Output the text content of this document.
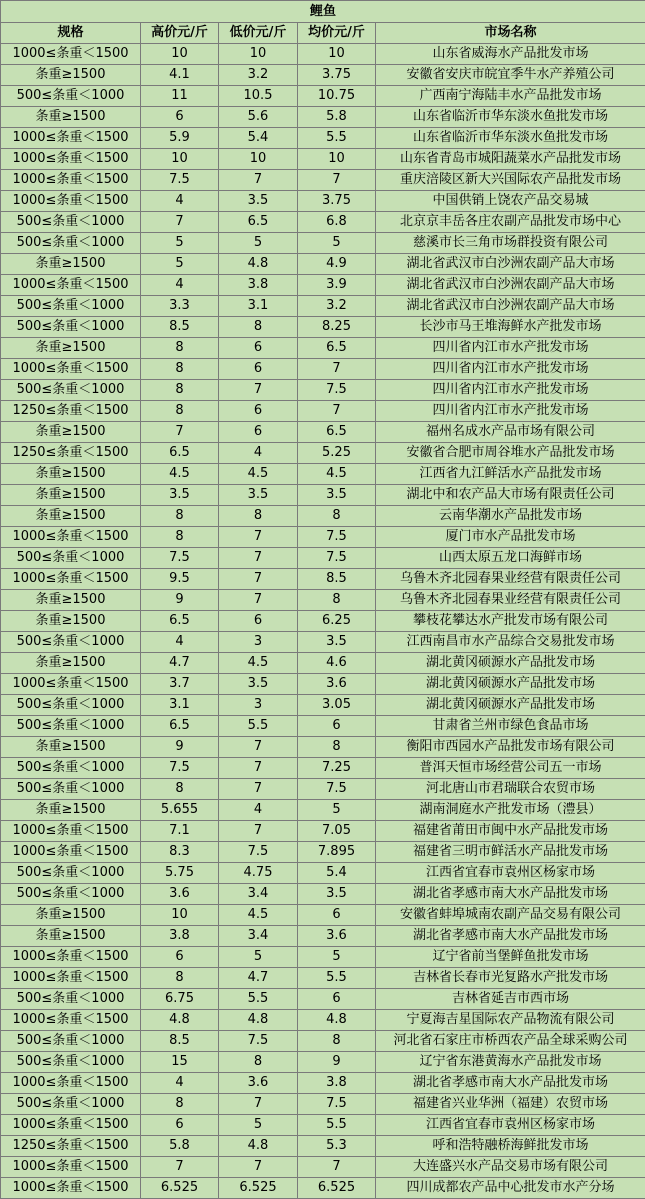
鲤鱼				
规格	高价元/斤	低价元/斤	均价元/斤	市场名称
1000≤条重＜1500	10	10	10	山东省威海水产品批发市场
条重≥1500	4.1	3.2	3.75	安徽省安庆市皖宜季牛水产养殖公司
500≤条重＜1000	11	10.5	10.75	广西南宁海陆丰水产品批发市场
条重≥1500	6	5.6	5.8	山东省临沂市华东淡水鱼批发市场
1000≤条重＜1500	5.9	5.4	5.5	山东省临沂市华东淡水鱼批发市场
1000≤条重＜1500	10	10	10	山东省青岛市城阳蔬菜水产品批发市场
1000≤条重＜1500	7.5	7	7	重庆涪陵区新大兴国际农产品批发市场
1000≤条重＜1500	4	3.5	3.75	中国供销上饶农产品交易城
500≤条重＜1000	7	6.5	6.8	北京京丰岳各庄农副产品批发市场中心
500≤条重＜1000	5	5	5	慈溪市长三角市场群投资有限公司
条重≥1500	5	4.8	4.9	湖北省武汉市白沙洲农副产品大市场
1000≤条重＜1500	4	3.8	3.9	湖北省武汉市白沙洲农副产品大市场
500≤条重＜1000	3.3	3.1	3.2	湖北省武汉市白沙洲农副产品大市场
500≤条重＜1000	8.5	8	8.25	长沙市马王堆海鲜水产批发市场
条重≥1500	8	6	6.5	四川省内江市水产批发市场
1000≤条重＜1500	8	6	7	四川省内江市水产批发市场
500≤条重＜1000	8	7	7.5	四川省内江市水产批发市场
1250≤条重＜1500	8	6	7	四川省内江市水产批发市场
条重≥1500	7	6	6.5	福州名成水产品市场有限公司
1250≤条重＜1500	6.5	4	5.25	安徽省合肥市周谷堆水产品批发市场
条重≥1500	4.5	4.5	4.5	江西省九江鲜活水产品批发市场
条重≥1500	3.5	3.5	3.5	湖北中和农产品大市场有限责任公司
条重≥1500	8	8	8	云南华潮水产品批发市场
1000≤条重＜1500	8	7	7.5	厦门市水产品批发市场
500≤条重＜1000	7.5	7	7.5	山西太原五龙口海鲜市场
1000≤条重＜1500	9.5	7	8.5	乌鲁木齐北园春果业经营有限责任公司
条重≥1500	9	7	8	乌鲁木齐北园春果业经营有限责任公司
条重≥1500	6.5	6	6.25	攀枝花攀达水产批发市场有限公司
500≤条重＜1000	4	3	3.5	江西南昌市水产品综合交易批发市场
条重≥1500	4.7	4.5	4.6	湖北黄冈硕源水产品批发市场
1000≤条重＜1500	3.7	3.5	3.6	湖北黄冈硕源水产品批发市场
500≤条重＜1000	3.1	3	3.05	湖北黄冈硕源水产品批发市场
500≤条重＜1000	6.5	5.5	6	甘肃省兰州市绿色食品市场
条重≥1500	9	7	8	衡阳市西园水产品批发市场有限公司
500≤条重＜1000	7.5	7	7.25	普洱天恒市场经营公司五一市场
500≤条重＜1000	8	7	7.5	河北唐山市君瑞联合农贸市场
条重≥1500	5.655	4	5	湖南洞庭水产批发市场（澧县）
1000≤条重＜1500	7.1	7	7.05	福建省莆田市闽中水产品批发市场
1000≤条重＜1500	8.3	7.5	7.895	福建省三明市鲜活水产品批发市场
500≤条重＜1000	5.75	4.75	5.4	江西省宜春市袁州区杨家市场
500≤条重＜1000	3.6	3.4	3.5	湖北省孝感市南大水产品批发市场
条重≥1500	10	4.5	6	安徽省蚌埠城南农副产品交易有限公司
条重≥1500	3.8	3.4	3.6	湖北省孝感市南大水产品批发市场
1000≤条重＜1500	6	5	5	辽宁省前当堡鲜鱼批发市场
1000≤条重＜1500	8	4.7	5.5	吉林省长春市光复路水产批发市场
500≤条重＜1000	6.75	5.5	6	吉林省延吉市西市场
1000≤条重＜1500	4.8	4.8	4.8	宁夏海吉星国际农产品物流有限公司
500≤条重＜1000	8.5	7.5	8	河北省石家庄市桥西农产品全球采购公司
500≤条重＜1000	15	8	9	辽宁省东港黄海水产品批发市场
1000≤条重＜1500	4	3.6	3.8	湖北省孝感市南大水产品批发市场
500≤条重＜1000	8	7	7.5	福建省兴业华洲（福建）农贸市场
1000≤条重＜1500	6	5	5.5	江西省宜春市袁州区杨家市场
1250≤条重＜1500	5.8	4.8	5.3	呼和浩特融桥海鲜批发市场
1000≤条重＜1500	7	7	7	大连盛兴水产品交易市场有限公司
1000≤条重＜1500	6.525	6.525	6.525	四川成都农产品中心批发市水产分场
